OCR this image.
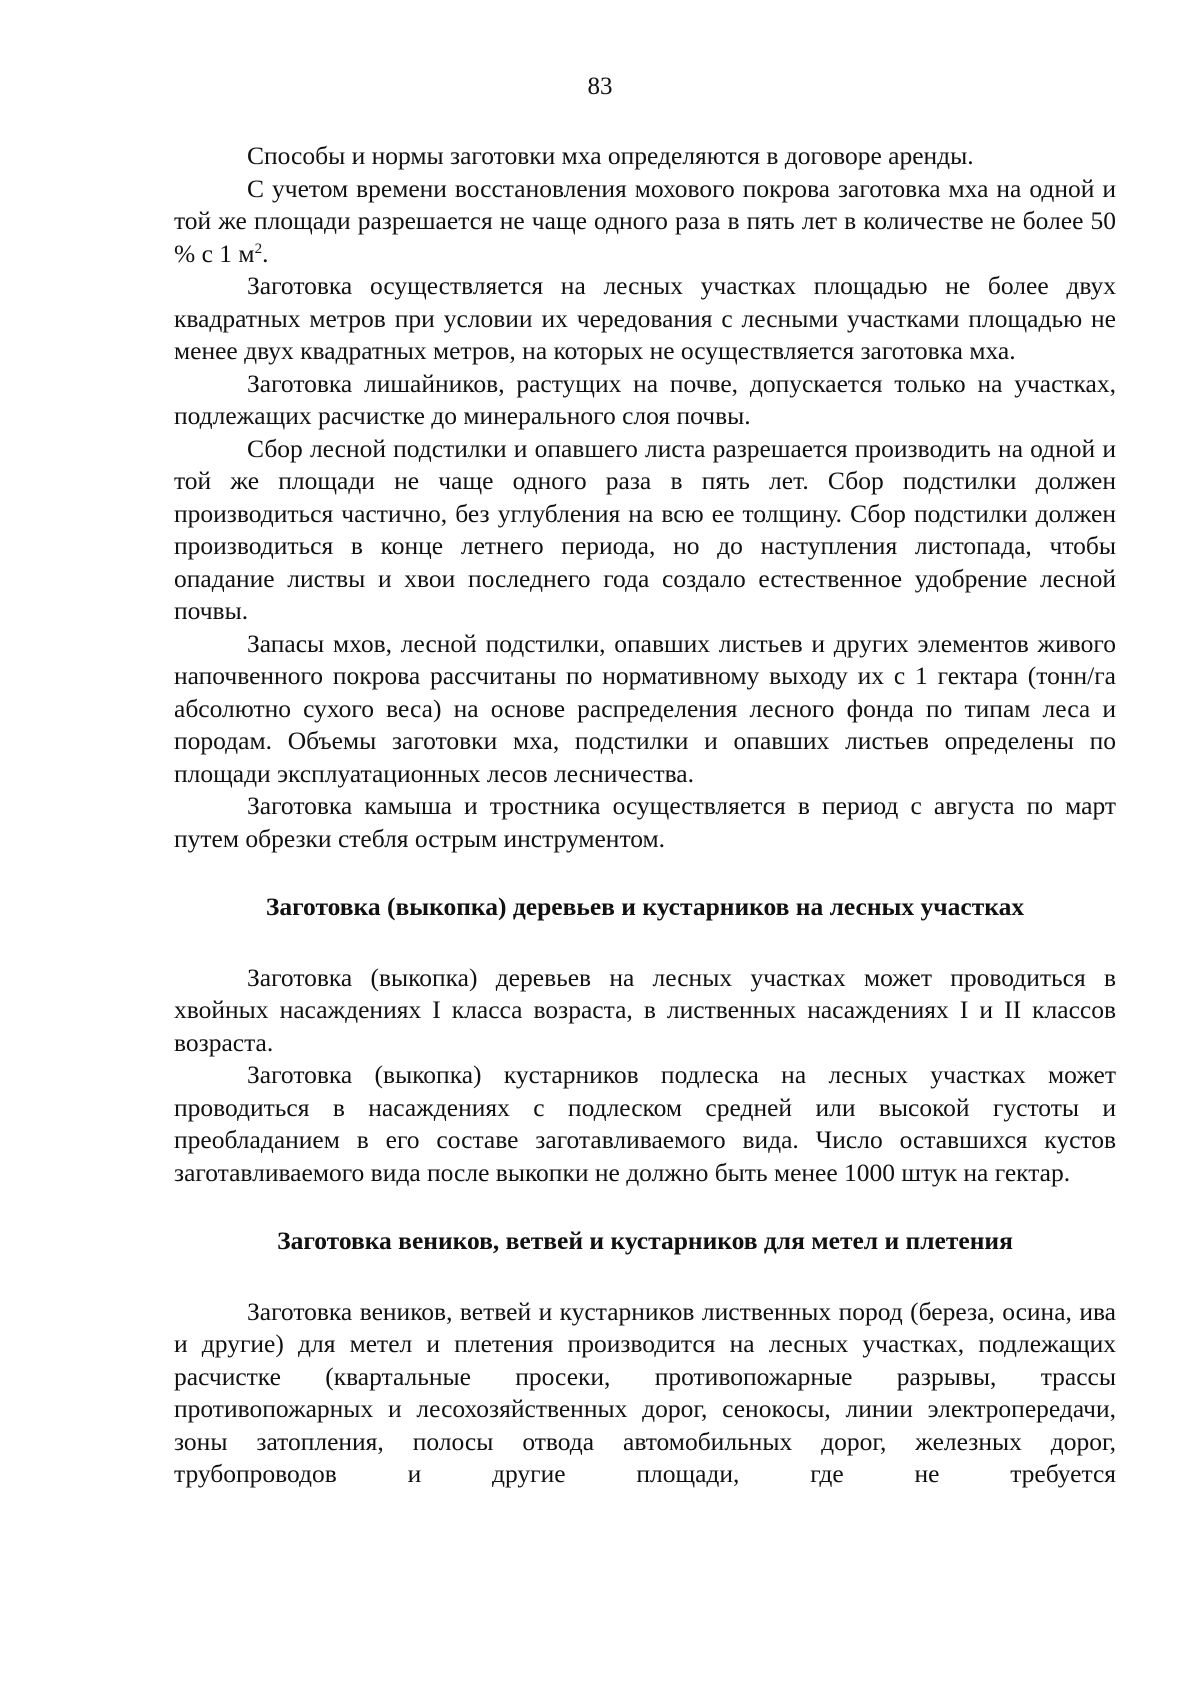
83

Способы и нормы заготовки мха определяются в договоре аренды.

С учетом времени восстановления мохового покрова заготовка мха на одной и той же площади разрешается не чаще одного раза в пять лет в количестве не более 50 % с 1 $м^2$.

Заготовка осуществляется на лесных участках площадью не более двух квадратных метров при условии их чередования с лесными участками площадью не менее двух квадратных метров, на которых не осуществляется заготовка мха.

Заготовка лишайников, растущих на почве, допускается только на участках, подлежащих расчистке до минерального слоя почвы.

Сбор лесной подстилки и опавшего листа разрешается производить на одной и той же площади не чаще одного раза в пять лет. Сбор подстилки должен производиться частично, без углубления на всю ее толщину. Сбор подстилки должен производиться в конце летнего периода, но до наступления листопада, чтобы опадание листвы и хвои последнего года создало естественное удобрение лесной почвы.

Запасы мхов, лесной подстилки, опавших листьев и других элементов живого напочвенного покрова рассчитаны по нормативному выходу их с 1 гектара (тонн/га абсолютно сухого веса) на основе распределения лесного фонда по типам леса и породам. Объемы заготовки мха, подстилки и опавших листьев определены по площади эксплуатационных лесов лесничества.

Заготовка камыша и тростника осуществляется в период с августа по март путем обрезки стебля острым инструментом.

Заготовка (выкопка) деревьев и кустарников на лесных участках

Заготовка (выкопка) деревьев на лесных участках может проводиться в хвойных насаждениях I класса возраста, в лиственных насаждениях I и II классов возраста.

Заготовка (выкопка) кустарников подлеска на лесных участках может проводиться в насаждениях с подлеском средней или высокой густоты и преобладанием в его составе заготавливаемого вида. Число оставшихся кустов заготавливаемого вида после выкопки не должно быть менее 1000 штук на гектар.

Заготовка веников, ветвей и кустарников для метел и плетения

Заготовка веников, ветвей и кустарников лиственных пород (береза, осина, ива и другие) для метел и плетения производится на лесных участках, подлежащих расчистке (квартальные просеки, противопожарные разрывы, трассы противопожарных и лесохозяйственных дорог, сенокосы, линии электропередачи, зоны затопления, полосы отвода автомобильных дорог, железных дорог, трубопроводов и другие площади, где не требуется
